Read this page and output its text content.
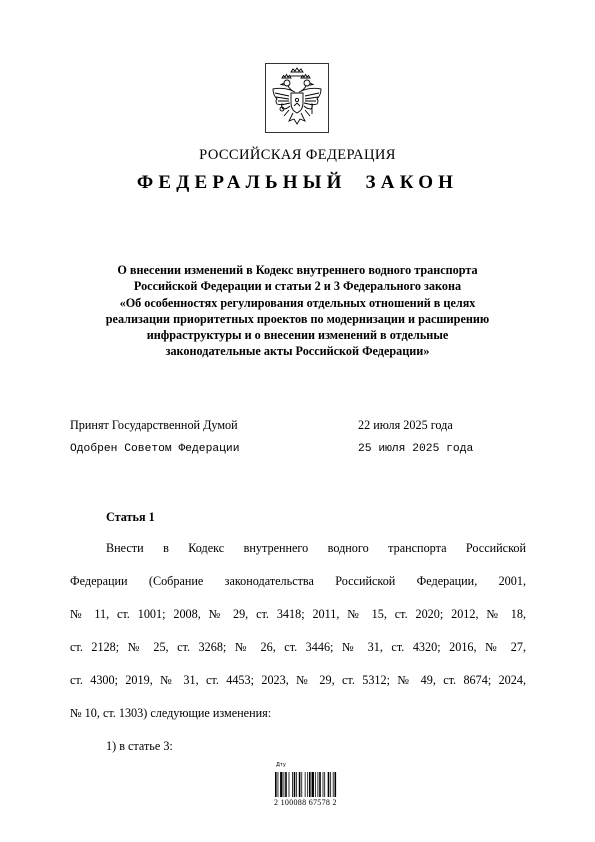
РОССИЙСКАЯ ФЕДЕРАЦИЯ
ФЕДЕРАЛЬНЫЙ ЗАКОН
О внесении изменений в Кодекс внутреннего водного транспорта
Российской Федерации и статьи 2 и 3 Федерального закона
«Об особенностях регулирования отдельных отношений в целях
реализации приоритетных проектов по модернизации и расширению
инфраструктуры и о внесении изменений в отдельные
законодательные акты Российской Федерации»
Принят Государственной Думой	22 июля 2025 года
Одобрен Советом Федерации	25 июля 2025 года
Статья 1
Внести в Кодекс внутреннего водного транспорта Российской
Федерации (Собрание законодательства Российской Федерации, 2001,
№ 11, ст. 1001; 2008, № 29, ст. 3418; 2011, № 15, ст. 2020; 2012, № 18,
ст. 2128; № 25, ст. 3268; № 26, ст. 3446; № 31, ст. 4320; 2016, № 27,
ст. 4300; 2019, № 31, ст. 4453; 2023, № 29, ст. 5312; № 49, ст. 8674; 2024,
№ 10, ст. 1303) следующие изменения:
1) в статье 3:
Дту
2 100088 67578 2
